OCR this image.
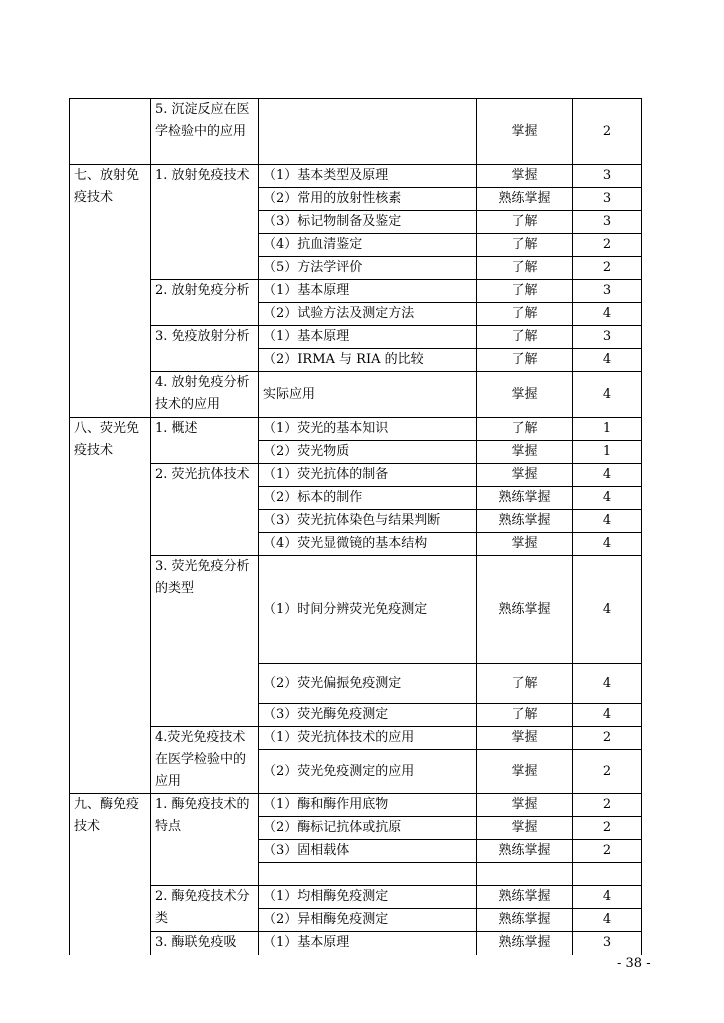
	5. 沉淀反应在医学检验中的应用		掌握	2
七、放射免疫技术	1. 放射免疫技术	（1）基本类型及原理	掌握	3
		（2）常用的放射性核素	熟练掌握	3
		（3）标记物制备及鉴定	了解	3
		（4）抗血清鉴定	了解	2
		（5）方法学评价	了解	2
	2. 放射免疫分析	（1）基本原理	了解	3
		（2）试验方法及测定方法	了解	4
	3. 免疫放射分析	（1）基本原理	了解	3
		（2）IRMA 与 RIA 的比较	了解	4
	4. 放射免疫分析技术的应用	实际应用	掌握	4
八、荧光免疫技术	1. 概述	（1）荧光的基本知识	了解	1
		（2）荧光物质	掌握	1
	2. 荧光抗体技术	（1）荧光抗体的制备	掌握	4
		（2）标本的制作	熟练掌握	4
		（3）荧光抗体染色与结果判断	熟练掌握	4
		（4）荧光显微镜的基本结构	掌握	4
	3. 荧光免疫分析的类型	（1）时间分辨荧光免疫测定	熟练掌握	4
		（2）荧光偏振免疫测定	了解	4
		（3）荧光酶免疫测定	了解	4
	4.荧光免疫技术在医学检验中的应用	（1）荧光抗体技术的应用	掌握	2
		（2）荧光免疫测定的应用	掌握	2
九、酶免疫技术	1. 酶免疫技术的特点	（1）酶和酶作用底物	掌握	2
		（2）酶标记抗体或抗原	掌握	2
		（3）固相载体	熟练掌握	2

	2. 酶免疫技术分类	（1）均相酶免疫测定	熟练掌握	4
		（2）异相酶免疫测定	熟练掌握	4
	3. 酶联免疫吸	（1）基本原理	熟练掌握	3
- 38 -
